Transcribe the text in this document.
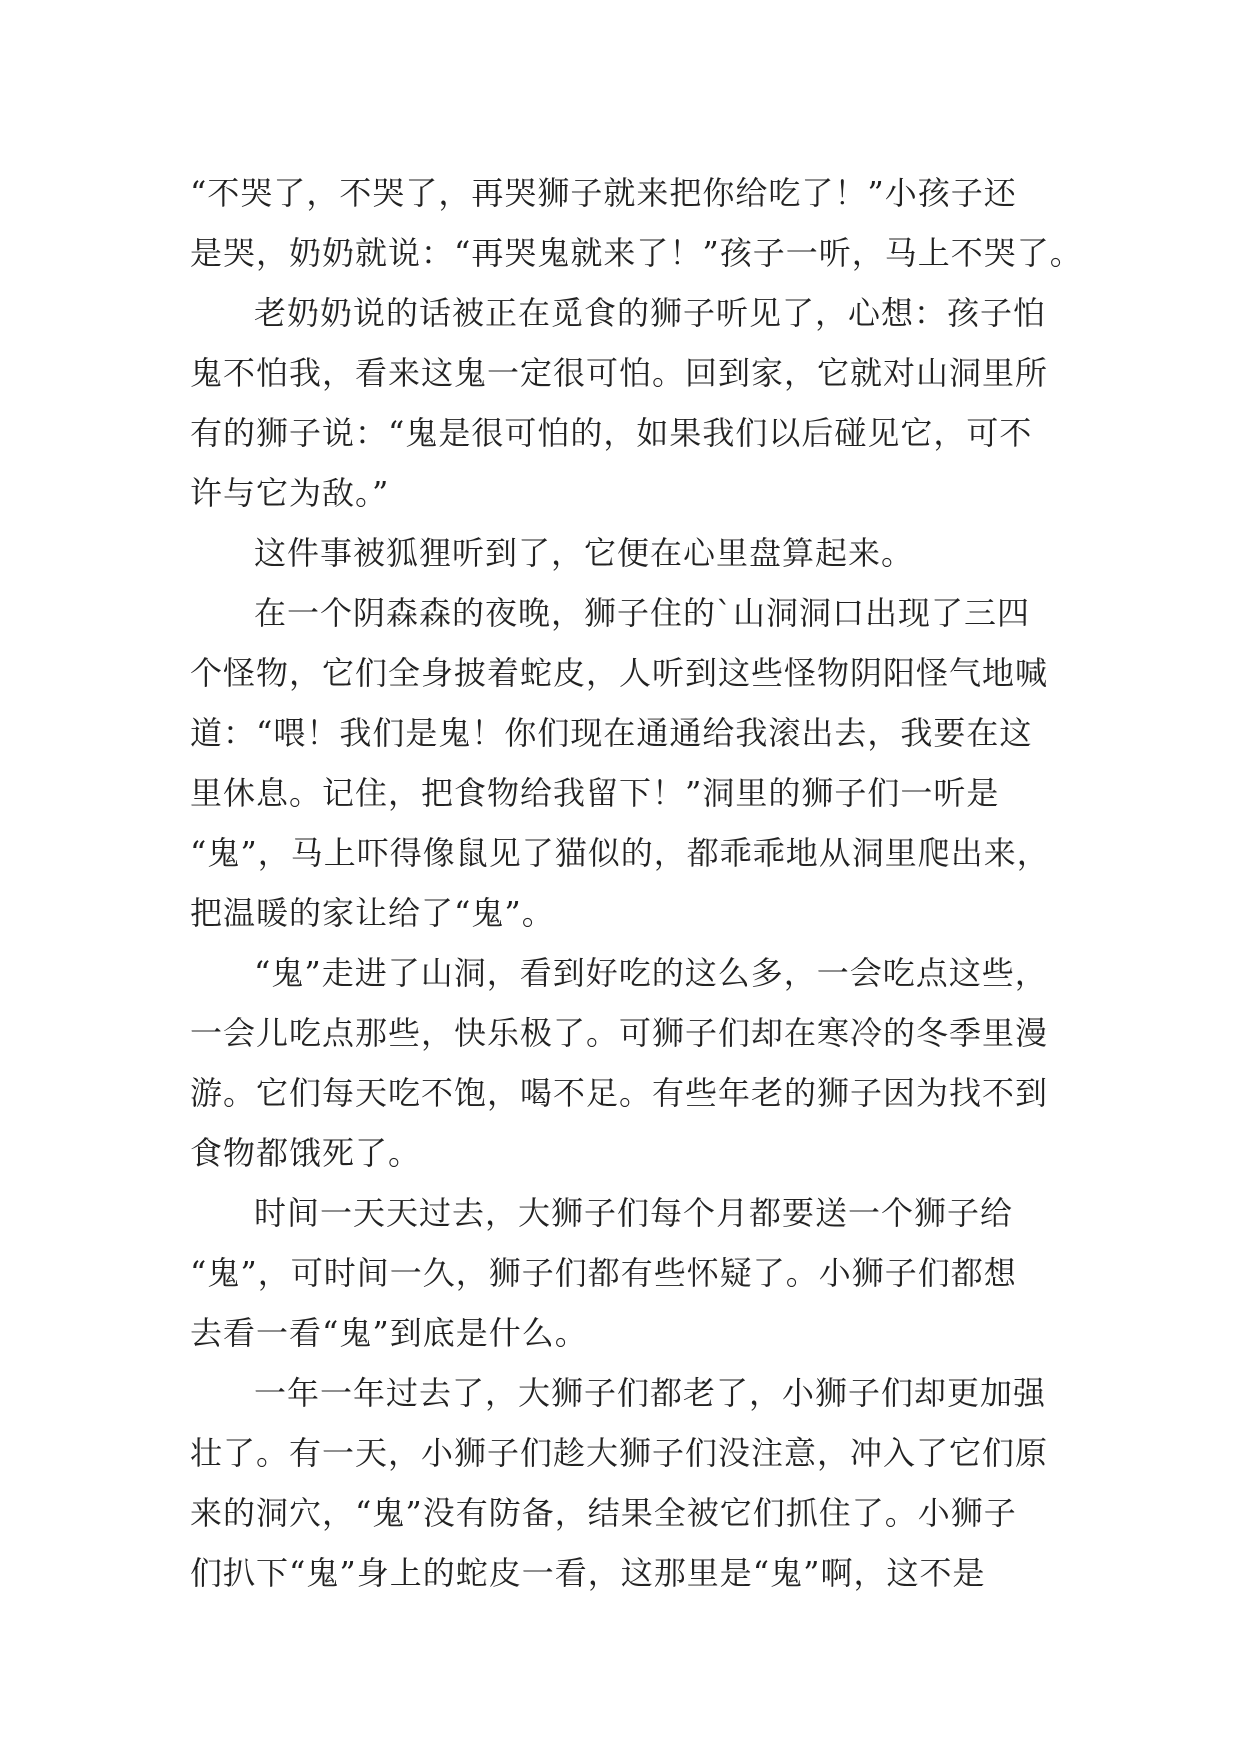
“不哭了，不哭了，再哭狮子就来把你给吃了！”小孩子还
是哭，奶奶就说：“再哭鬼就来了！”孩子一听，马上不哭了。
老奶奶说的话被正在觅食的狮子听见了，心想：孩子怕
鬼不怕我，看来这鬼一定很可怕。回到家，它就对山洞里所
有的狮子说：“鬼是很可怕的，如果我们以后碰见它，可不
许与它为敌。”
这件事被狐狸听到了，它便在心里盘算起来。
在一个阴森森的夜晚，狮子住的`山洞洞口出现了三四
个怪物，它们全身披着蛇皮，人听到这些怪物阴阳怪气地喊
道：“喂！我们是鬼！你们现在通通给我滚出去，我要在这
里休息。记住，把食物给我留下！”洞里的狮子们一听是
“鬼”，马上吓得像鼠见了猫似的，都乖乖地从洞里爬出来，
把温暖的家让给了“鬼”。
“鬼”走进了山洞，看到好吃的这么多，一会吃点这些，
一会儿吃点那些，快乐极了。可狮子们却在寒冷的冬季里漫
游。它们每天吃不饱，喝不足。有些年老的狮子因为找不到
食物都饿死了。
时间一天天过去，大狮子们每个月都要送一个狮子给
“鬼”，可时间一久，狮子们都有些怀疑了。小狮子们都想
去看一看“鬼”到底是什么。
一年一年过去了，大狮子们都老了，小狮子们却更加强
壮了。有一天，小狮子们趁大狮子们没注意，冲入了它们原
来的洞穴，“鬼”没有防备，结果全被它们抓住了。小狮子
们扒下“鬼”身上的蛇皮一看，这那里是“鬼”啊，这不是
